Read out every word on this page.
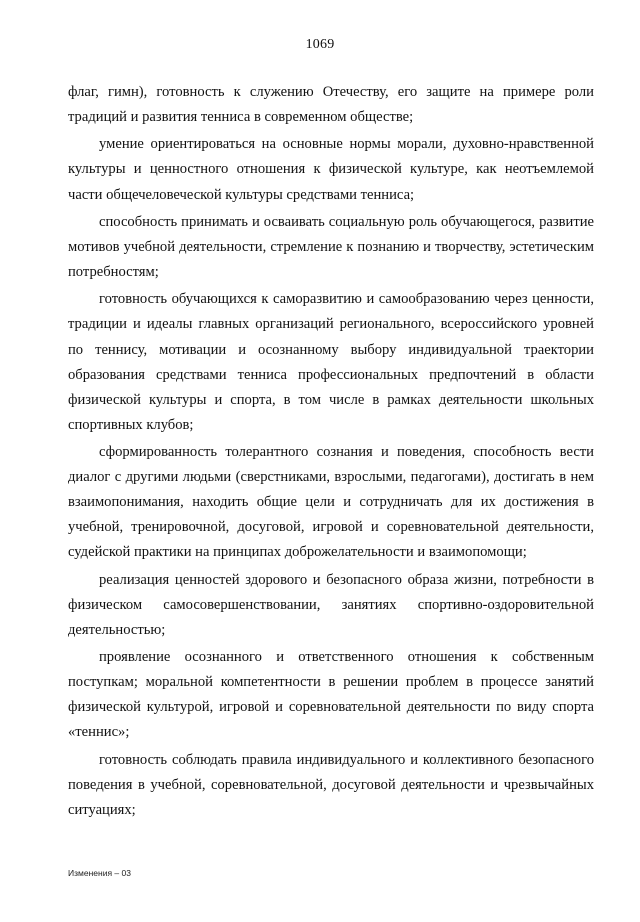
1069

флаг, гимн), готовность к служению Отечеству, его защите на примере роли традиций и развития тенниса в современном обществе;

умение ориентироваться на основные нормы морали, духовно-нравственной культуры и ценностного отношения к физической культуре, как неотъемлемой части общечеловеческой культуры средствами тенниса;

способность принимать и осваивать социальную роль обучающегося, развитие мотивов учебной деятельности, стремление к познанию и творчеству, эстетическим потребностям;

готовность обучающихся к саморазвитию и самообразованию через ценности, традиции и идеалы главных организаций регионального, всероссийского уровней по теннису, мотивации и осознанному выбору индивидуальной траектории образования средствами тенниса профессиональных предпочтений в области физической культуры и спорта, в том числе в рамках деятельности школьных спортивных клубов;

сформированность толерантного сознания и поведения, способность вести диалог с другими людьми (сверстниками, взрослыми, педагогами), достигать в нем взаимопонимания, находить общие цели и сотрудничать для их достижения в учебной, тренировочной, досуговой, игровой и соревновательной деятельности, судейской практики на принципах доброжелательности и взаимопомощи;

реализация ценностей здорового и безопасного образа жизни, потребности в физическом самосовершенствовании, занятиях спортивно-оздоровительной деятельностью;

проявление осознанного и ответственного отношения к собственным поступкам; моральной компетентности в решении проблем в процессе занятий физической культурой, игровой и соревновательной деятельности по виду спорта «теннис»;

готовность соблюдать правила индивидуального и коллективного безопасного поведения в учебной, соревновательной, досуговой деятельности и чрезвычайных ситуациях;

Изменения – 03
